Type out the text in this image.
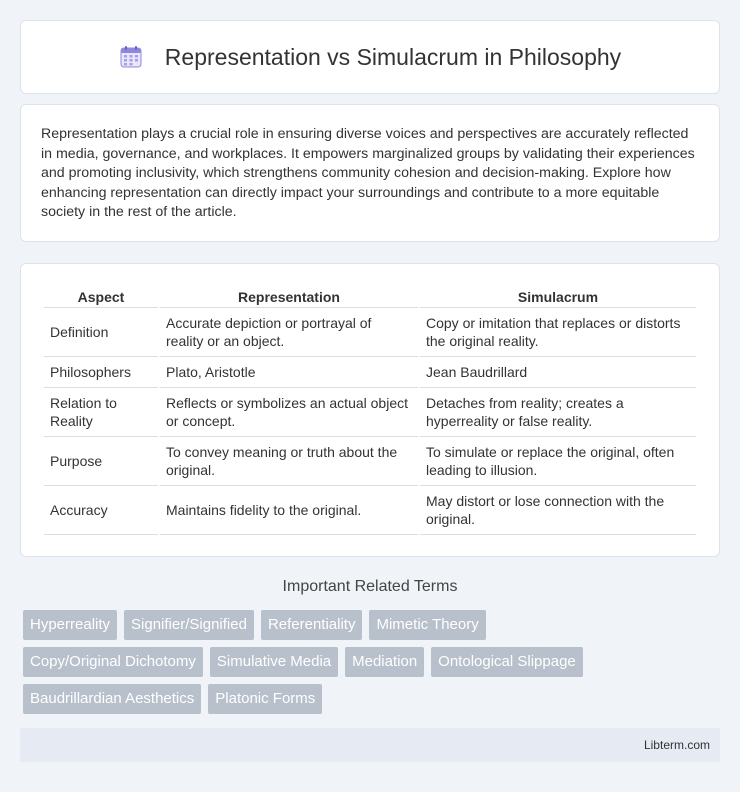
Representation vs Simulacrum in Philosophy

Representation plays a crucial role in ensuring diverse voices and perspectives are accurately reflected in media, governance, and workplaces. It empowers marginalized groups by validating their experiences and promoting inclusivity, which strengthens community cohesion and decision-making. Explore how enhancing representation can directly impact your surroundings and contribute to a more equitable society in the rest of the article.

Aspect	Representation	Simulacrum
Definition	Accurate depiction or portrayal of reality or an object.	Copy or imitation that replaces or distorts the original reality.
Philosophers	Plato, Aristotle	Jean Baudrillard
Relation to Reality	Reflects or symbolizes an actual object or concept.	Detaches from reality; creates a hyperreality or false reality.
Purpose	To convey meaning or truth about the original.	To simulate or replace the original, often leading to illusion.
Accuracy	Maintains fidelity to the original.	May distort or lose connection with the original.
Important Related Terms
Hyperreality	Signifier/Signified	Referentiality	Mimetic Theory
Copy/Original Dichotomy	Simulative Media	Mediation	Ontological Slippage
Baudrillardian Aesthetics	Platonic Forms
Libterm.com
